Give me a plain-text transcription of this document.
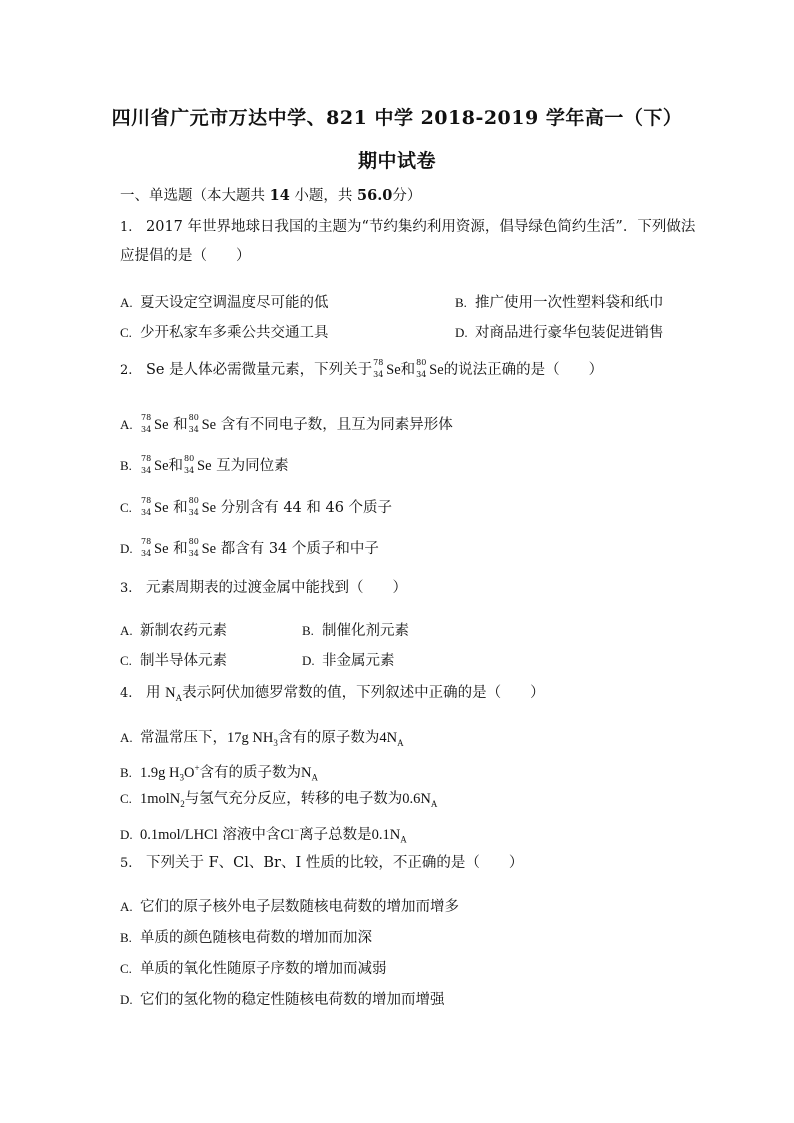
四川省广元市万达中学、821 中学 2018-2019 学年高一（下）
期中试卷
一、单选题（本大题共 14 小题，共 56.0分）
1. 2017 年世界地球日我国的主题为“节约集约利用资源，倡导绿色简约生活”．下列做法
应提倡的是（　　）
A. 夏天设定空调温度尽可能的低	B. 推广使用一次性塑料袋和纸巾
C. 少开私家车多乘公共交通工具	D. 对商品进行豪华包装促进销售
2. Se 是人体必需微量元素，下列关于 78
34 Se和 80
34 Se的说法正确的是（　　）
A. 78
34 Se 和 80
34 Se 含有不同电子数，且互为同素异形体
B. 78
34 Se和 80
34 Se 互为同位素
C. 78
34 Se 和 80
34 Se 分别含有 44 和 46 个质子
D. 78
34 Se 和 80
34 Se 都含有 34 个质子和中子
3. 元素周期表的过渡金属中能找到（　　）
A. 新制农药元素	B. 制催化剂元素
C. 制半导体元素	D. 非金属元素
4. 用 $N_A$表示阿伏加德罗常数的值，下列叙述中正确的是（　　）
A. 常温常压下，17g $NH_3$含有的原子数为$4N_A$
B. 1.9g $H_3O^+$含有的质子数为$N_A$
C. 1molN$_2$与氢气充分反应，转移的电子数为$0.6N_A$
D. 0.1mol/LHCl 溶液中含Cl−离子总数是$0.1N_A$
5. 下列关于 F、Cl、Br、I 性质的比较，不正确的是（　　）
A. 它们的原子核外电子层数随核电荷数的增加而增多
B. 单质的颜色随核电荷数的增加而加深
C. 单质的氧化性随原子序数的增加而减弱
D. 它们的氢化物的稳定性随核电荷数的增加而增强
